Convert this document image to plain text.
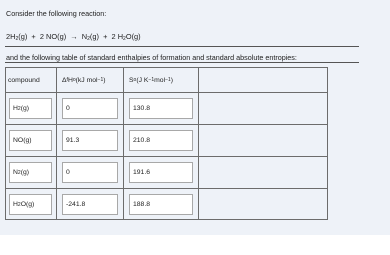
Consider the following reaction:
$2H_2(g) + 2$ $NO(g) \to N_2(g) + 2$ $H_2O(g)$
and the following table of standard enthalpies of formation and standard absolute entropies:
compound	Δ f H o (kJ mol −1 )	S o (J K −1 mol −1 )
H 2 (g)	0	130.8
NO (g)	91.3	210.8
N 2 (g)	0	191.6
H 2 O (g)	-241.8	188.8
